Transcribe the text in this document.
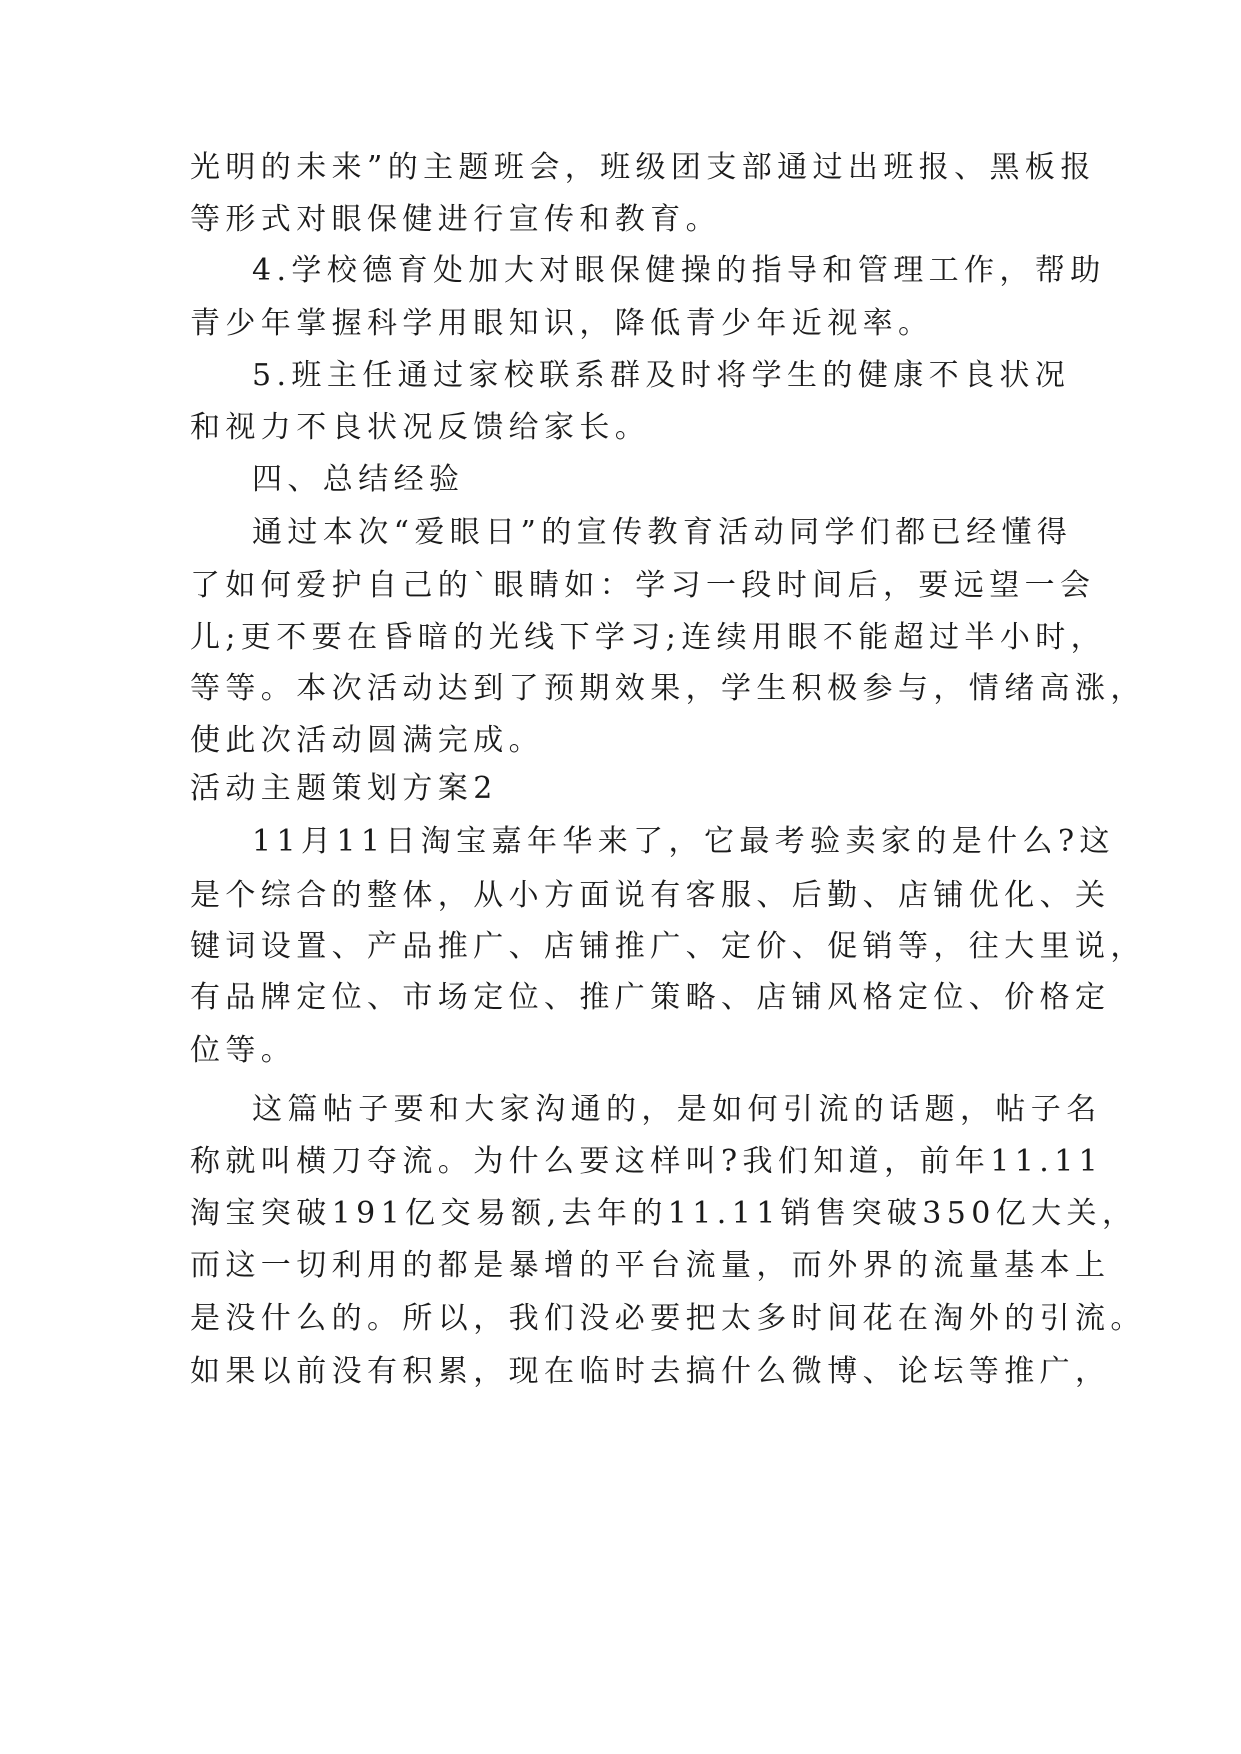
光明的未来”的主题班会，班级团支部通过出班报、黑板报
等形式对眼保健进行宣传和教育。
4.学校德育处加大对眼保健操的指导和管理工作，帮助
青少年掌握科学用眼知识，降低青少年近视率。
5.班主任通过家校联系群及时将学生的健康不良状况
和视力不良状况反馈给家长。
四、总结经验
通过本次“爱眼日”的宣传教育活动同学们都已经懂得
了如何爱护自己的`眼睛如：学习一段时间后，要远望一会
儿;更不要在昏暗的光线下学习;连续用眼不能超过半小时，
等等。本次活动达到了预期效果，学生积极参与，情绪高涨，
使此次活动圆满完成。
活动主题策划方案2
11月11日淘宝嘉年华来了，它最考验卖家的是什么?这
是个综合的整体，从小方面说有客服、后勤、店铺优化、关
键词设置、产品推广、店铺推广、定价、促销等，往大里说，
有品牌定位、市场定位、推广策略、店铺风格定位、价格定
位等。
这篇帖子要和大家沟通的，是如何引流的话题，帖子名
称就叫横刀夺流。为什么要这样叫?我们知道，前年11.11
淘宝突破191亿交易额,去年的11.11销售突破350亿大关，
而这一切利用的都是暴增的平台流量，而外界的流量基本上
是没什么的。所以，我们没必要把太多时间花在淘外的引流。
如果以前没有积累，现在临时去搞什么微博、论坛等推广，
